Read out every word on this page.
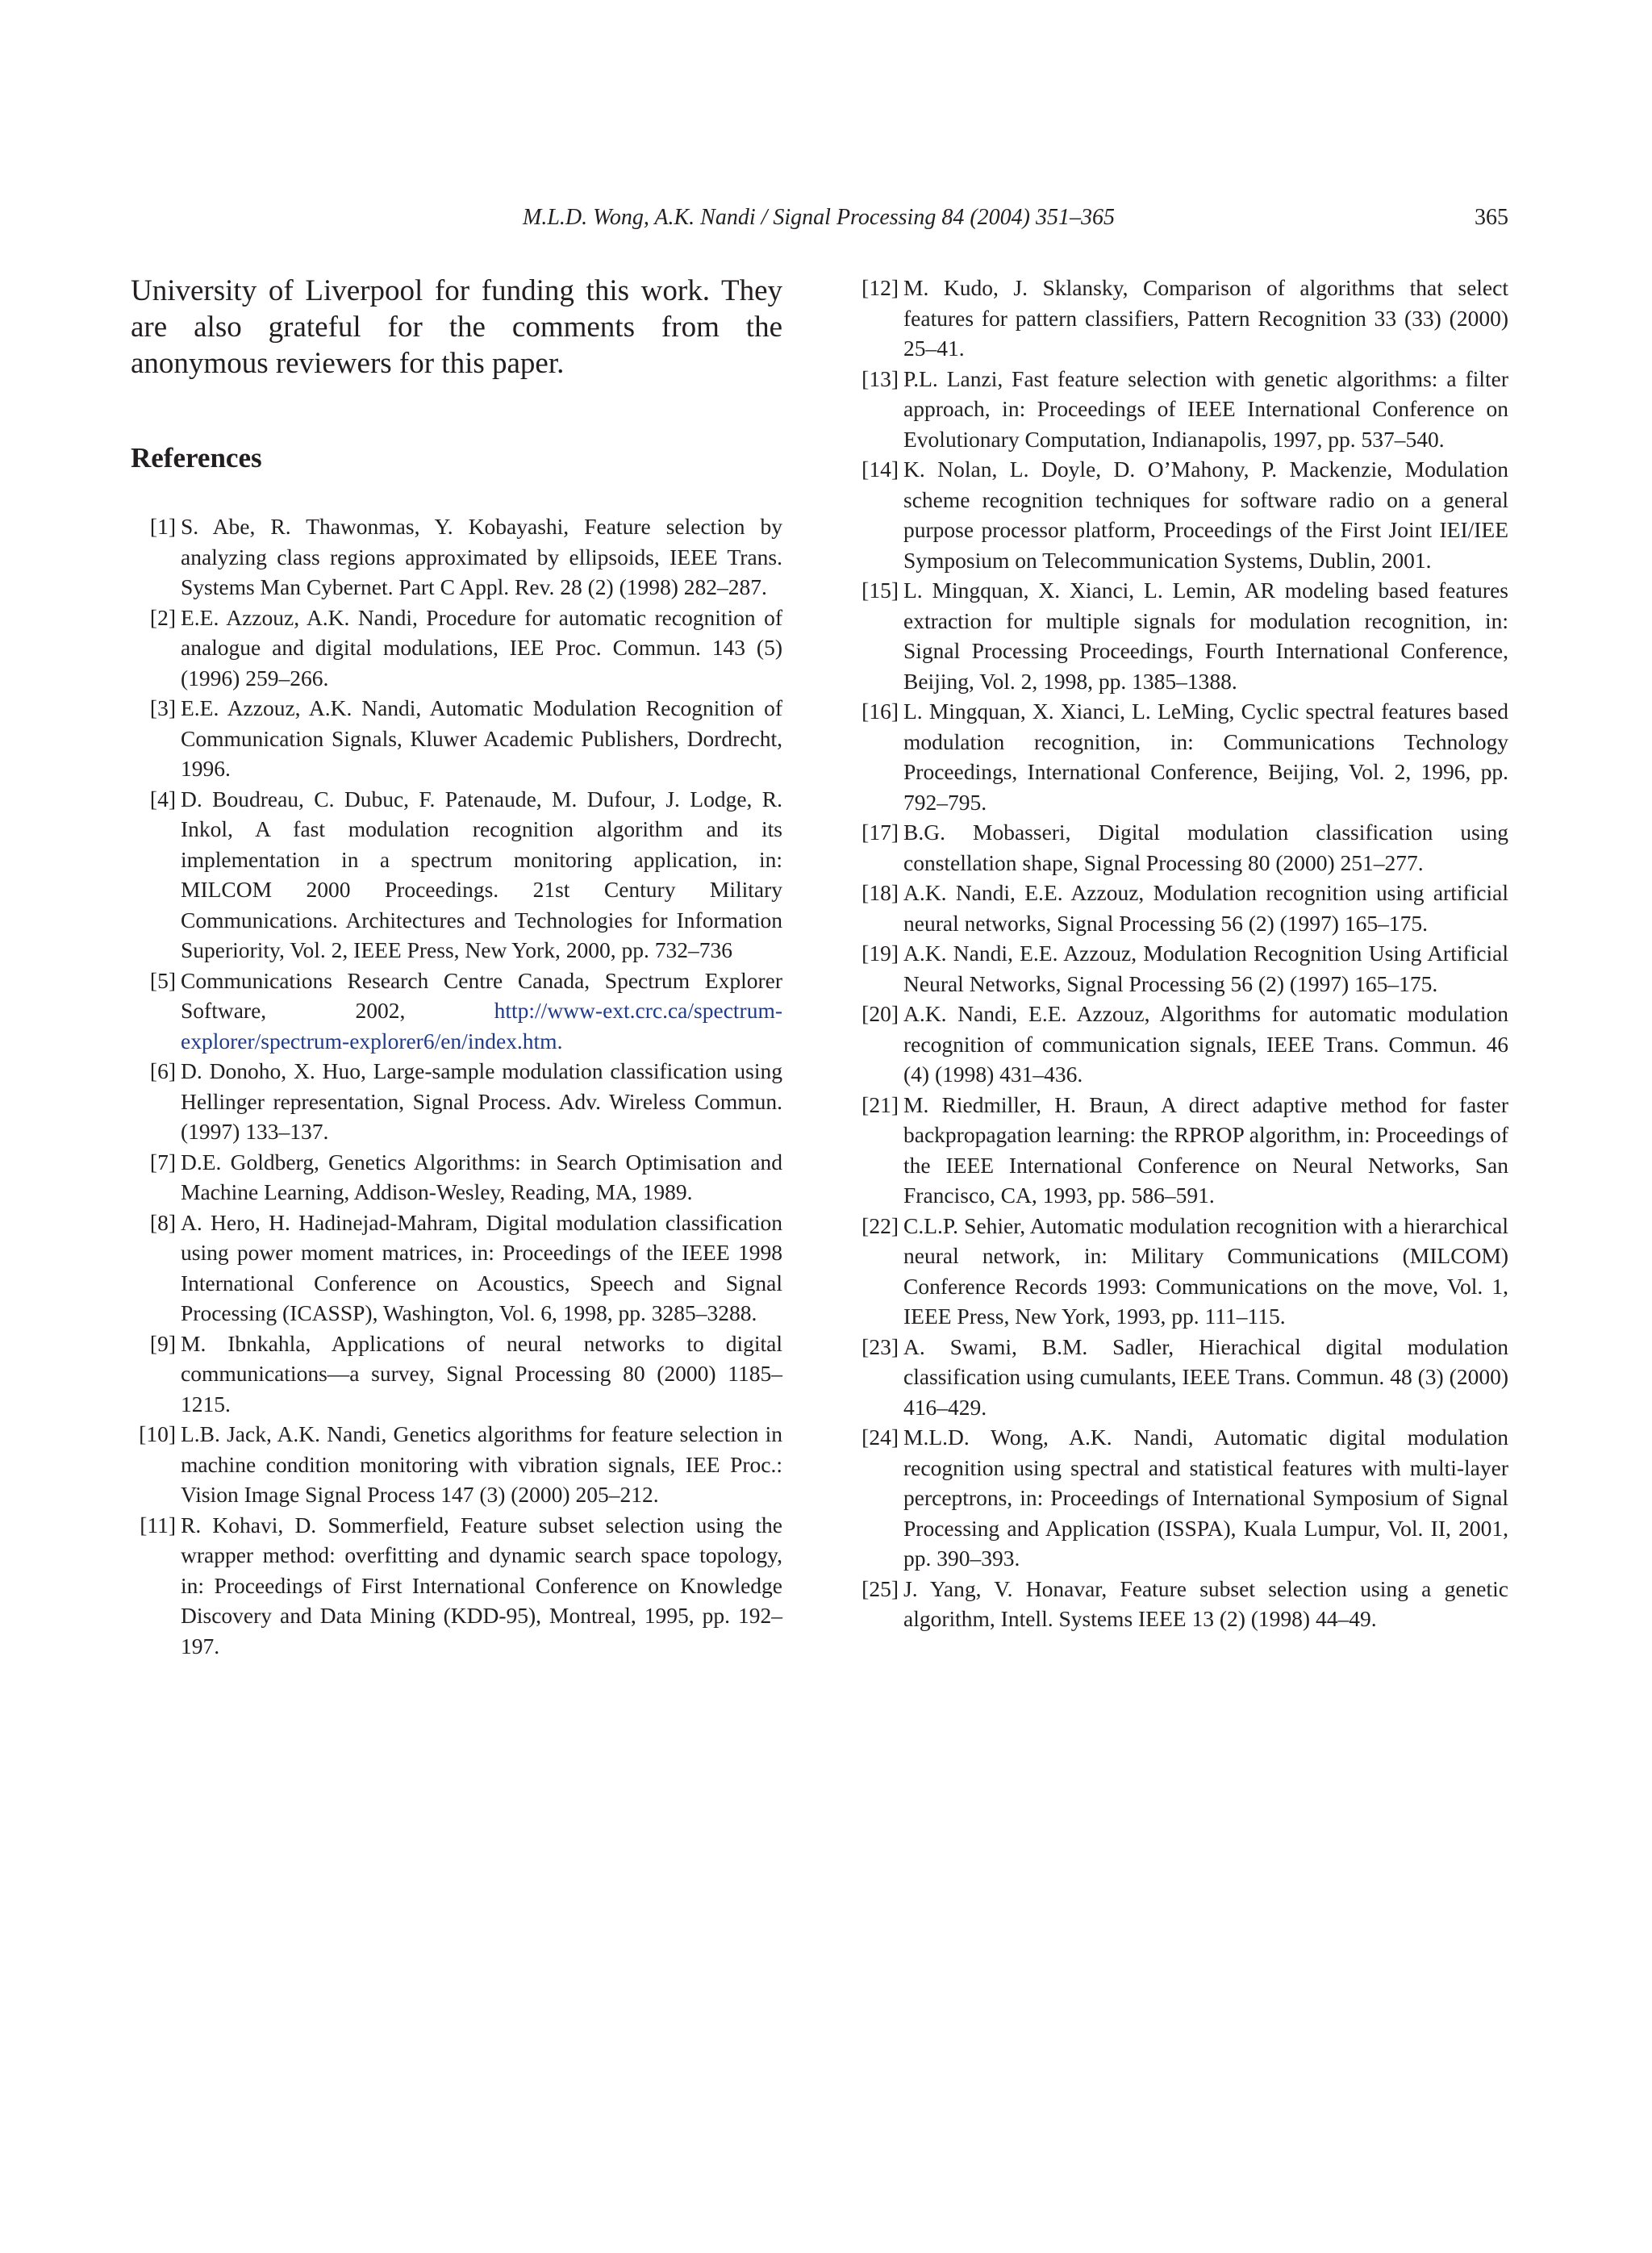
M.L.D. Wong, A.K. Nandi / Signal Processing 84 (2004) 351–365	365

University of Liverpool for funding this work. They are also grateful for the comments from the anonymous reviewers for this paper.

References
[1] S. Abe, R. Thawonmas, Y. Kobayashi, Feature selection by analyzing class regions approximated by ellipsoids, IEEE Trans. Systems Man Cybernet. Part C Appl. Rev. 28 (2) (1998) 282–287.
[2] E.E. Azzouz, A.K. Nandi, Procedure for automatic recognition of analogue and digital modulations, IEE Proc. Commun. 143 (5) (1996) 259–266.
[3] E.E. Azzouz, A.K. Nandi, Automatic Modulation Recognition of Communication Signals, Kluwer Academic Publishers, Dordrecht, 1996.
[4] D. Boudreau, C. Dubuc, F. Patenaude, M. Dufour, J. Lodge, R. Inkol, A fast modulation recognition algorithm and its implementation in a spectrum monitoring application, in: MILCOM 2000 Proceedings. 21st Century Military Communications. Architectures and Technologies for Information Superiority, Vol. 2, IEEE Press, New York, 2000, pp. 732–736
[5] Communications Research Centre Canada, Spectrum Explorer Software, 2002,	http://www-ext.crc.ca/spectrum-explorer/spectrum-explorer6/en/index.htm.
[6] D. Donoho, X. Huo, Large-sample modulation classification using Hellinger representation, Signal Process. Adv. Wireless Commun. (1997) 133–137.
[7] D.E. Goldberg, Genetics Algorithms: in Search Optimisation and Machine Learning, Addison-Wesley, Reading, MA, 1989.
[8] A. Hero, H. Hadinejad-Mahram, Digital modulation classification using power moment matrices, in: Proceedings of the IEEE 1998 International Conference on Acoustics, Speech and Signal Processing (ICASSP), Washington, Vol. 6, 1998, pp. 3285–3288.
[9] M. Ibnkahla, Applications of neural networks to digital communications—a survey, Signal Processing 80 (2000) 1185–1215.
[10] L.B. Jack, A.K. Nandi, Genetics algorithms for feature selection in machine condition monitoring with vibration signals, IEE Proc.: Vision Image Signal Process 147 (3) (2000) 205–212.
[11] R. Kohavi, D. Sommerfield, Feature subset selection using the wrapper method: overfitting and dynamic search space topology, in: Proceedings of First International Conference on Knowledge Discovery and Data Mining (KDD-95), Montreal, 1995, pp. 192–197.
[12] M. Kudo, J. Sklansky, Comparison of algorithms that select features for pattern classifiers, Pattern Recognition 33 (33) (2000) 25–41.
[13] P.L. Lanzi, Fast feature selection with genetic algorithms: a filter approach, in: Proceedings of IEEE International Conference on Evolutionary Computation, Indianapolis, 1997, pp. 537–540.
[14] K. Nolan, L. Doyle, D. O’Mahony, P. Mackenzie, Modulation scheme recognition techniques for software radio on a general purpose processor platform, Proceedings of the First Joint IEI/IEE Symposium on Telecommunication Systems, Dublin, 2001.
[15] L. Mingquan, X. Xianci, L. Lemin, AR modeling based features extraction for multiple signals for modulation recognition, in: Signal Processing Proceedings, Fourth International Conference, Beijing, Vol. 2, 1998, pp. 1385–1388.
[16] L. Mingquan, X. Xianci, L. LeMing, Cyclic spectral features based modulation recognition, in: Communications Technology Proceedings, International Conference, Beijing, Vol. 2, 1996, pp. 792–795.
[17] B.G. Mobasseri, Digital modulation classification using constellation shape, Signal Processing 80 (2000) 251–277.
[18] A.K. Nandi, E.E. Azzouz, Modulation recognition using artificial neural networks, Signal Processing 56 (2) (1997) 165–175.
[19] A.K. Nandi, E.E. Azzouz, Modulation Recognition Using Artificial Neural Networks, Signal Processing 56 (2) (1997) 165–175.
[20] A.K. Nandi, E.E. Azzouz, Algorithms for automatic modulation recognition of communication signals, IEEE Trans. Commun. 46 (4) (1998) 431–436.
[21] M. Riedmiller, H. Braun, A direct adaptive method for faster backpropagation learning: the RPROP algorithm, in: Proceedings of the IEEE International Conference on Neural Networks, San Francisco, CA, 1993, pp. 586–591.
[22] C.L.P. Sehier, Automatic modulation recognition with a hierarchical neural network, in: Military Communications (MILCOM) Conference Records 1993: Communications on the move, Vol. 1, IEEE Press, New York, 1993, pp. 111–115.
[23] A. Swami, B.M. Sadler, Hierachical digital modulation classification using cumulants, IEEE Trans. Commun. 48 (3) (2000) 416–429.
[24] M.L.D. Wong, A.K. Nandi, Automatic digital modulation recognition using spectral and statistical features with multi-layer perceptrons, in: Proceedings of International Symposium of Signal Processing and Application (ISSPA), Kuala Lumpur, Vol. II, 2001, pp. 390–393.
[25] J. Yang, V. Honavar, Feature subset selection using a genetic algorithm, Intell. Systems IEEE 13 (2) (1998) 44–49.
